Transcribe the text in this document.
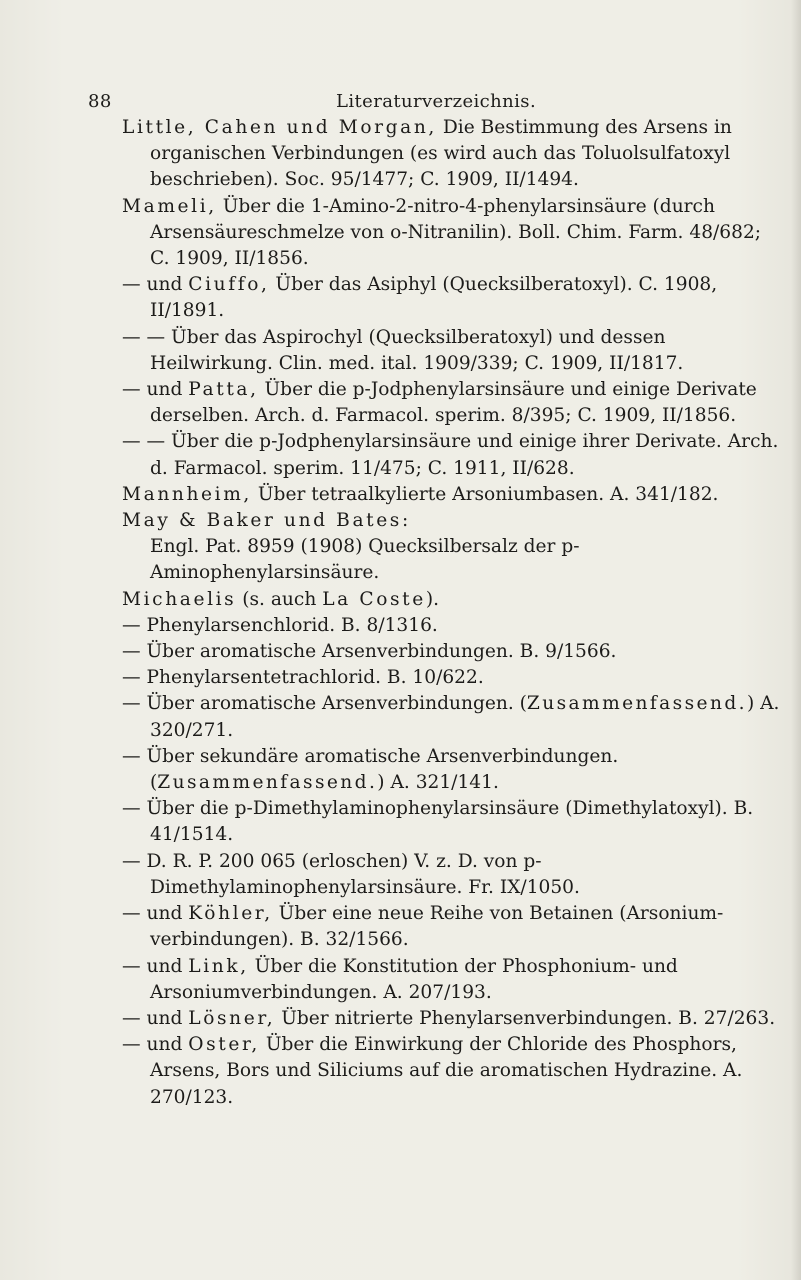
88	Literaturverzeichnis.

Little, Cahen und Morgan, Die Bestimmung des Arsens in organischen Verbindungen (es wird auch das Toluolsulfatoxyl beschrieben). Soc. 95/1477; C. 1909, II/1494.

Mameli, Über die 1-Amino-2-nitro-4-phenylarsinsäure (durch Arsensäureschmelze von o-Nitranilin). Boll. Chim. Farm. 48/682; C. 1909, II/1856.

— und Ciuffo, Über das Asiphyl (Quecksilberatoxyl). C. 1908, II/1891.

— — Über das Aspirochyl (Quecksilberatoxyl) und dessen Heilwirkung. Clin. med. ital. 1909/339; C. 1909, II/1817.

— und Patta, Über die p-Jodphenylarsinsäure und einige Derivate derselben. Arch. d. Farmacol. sperim. 8/395; C. 1909, II/1856.

— — Über die p-Jodphenylarsinsäure und einige ihrer Derivate. Arch. d. Farmacol. sperim. 11/475; C. 1911, II/628.

Mannheim, Über tetraalkylierte Arsoniumbasen. A. 341/182.

May & Baker und Bates:
Engl. Pat. 8959 (1908) Quecksilbersalz der p-Aminophenylarsinsäure.

Michaelis (s. auch La Coste).

— Phenylarsenchlorid. B. 8/1316.

— Über aromatische Arsenverbindungen. B. 9/1566.

— Phenylarsentetrachlorid. B. 10/622.

— Über aromatische Arsenverbindungen. (Zusammenfassend.) A. 320/271.

— Über sekundäre aromatische Arsenverbindungen. (Zusammenfassend.) A. 321/141.

— Über die p-Dimethylaminophenylarsinsäure (Dimethylatoxyl). B. 41/1514.

— D. R. P. 200 065 (erloschen) V. z. D. von p-Dimethylaminophenylarsinsäure. Fr. IX/1050.

— und Köhler, Über eine neue Reihe von Betainen (Arsonium-verbindungen). B. 32/1566.

— und Link, Über die Konstitution der Phosphonium- und Arsoniumverbindungen. A. 207/193.

— und Lösner, Über nitrierte Phenylarsenverbindungen. B. 27/263.

— und Oster, Über die Einwirkung der Chloride des Phosphors, Arsens, Bors und Siliciums auf die aromatischen Hydrazine. A. 270/123.
